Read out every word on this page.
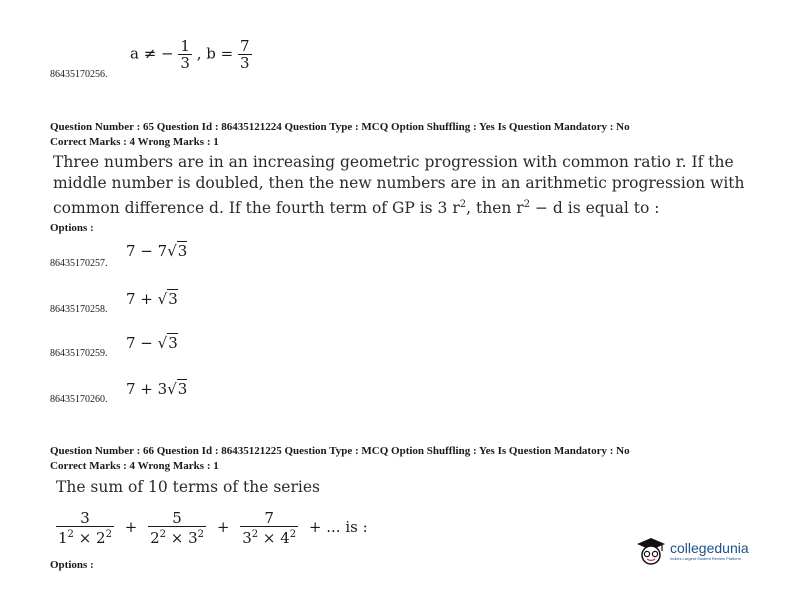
86435170256.
a ≠ − $\frac{1}{3}$ , $b = \frac{7}{3}$
Question Number : 65 Question Id : 86435121224 Question Type : MCQ Option Shuffling : Yes Is Question Mandatory : No
Correct Marks : 4 Wrong Marks : 1
Three numbers are in an increasing geometric progression with common ratio r. If the
middle number is doubled, then the new numbers are in an arithmetic progression with
common difference d. If the fourth term of GP is 3 $r^2$, then $r^2 - d$ is equal to :
Options :
86435170257.
7 − 7√3
86435170258.
7 + √3
86435170259.
7 − √3
86435170260.
7 + 3√3
Question Number : 66 Question Id : 86435121225 Question Type : MCQ Option Shuffling : Yes Is Question Mandatory : No
Correct Marks : 4 Wrong Marks : 1
The sum of 10 terms of the series
$\frac{3}{1^2 \times 2^2} + \frac{5}{2^2 \times 3^2} + \frac{7}{3^2 \times 4^2}$ + ... is :
Options :
collegedunia
India's Largest Student Review Platform
